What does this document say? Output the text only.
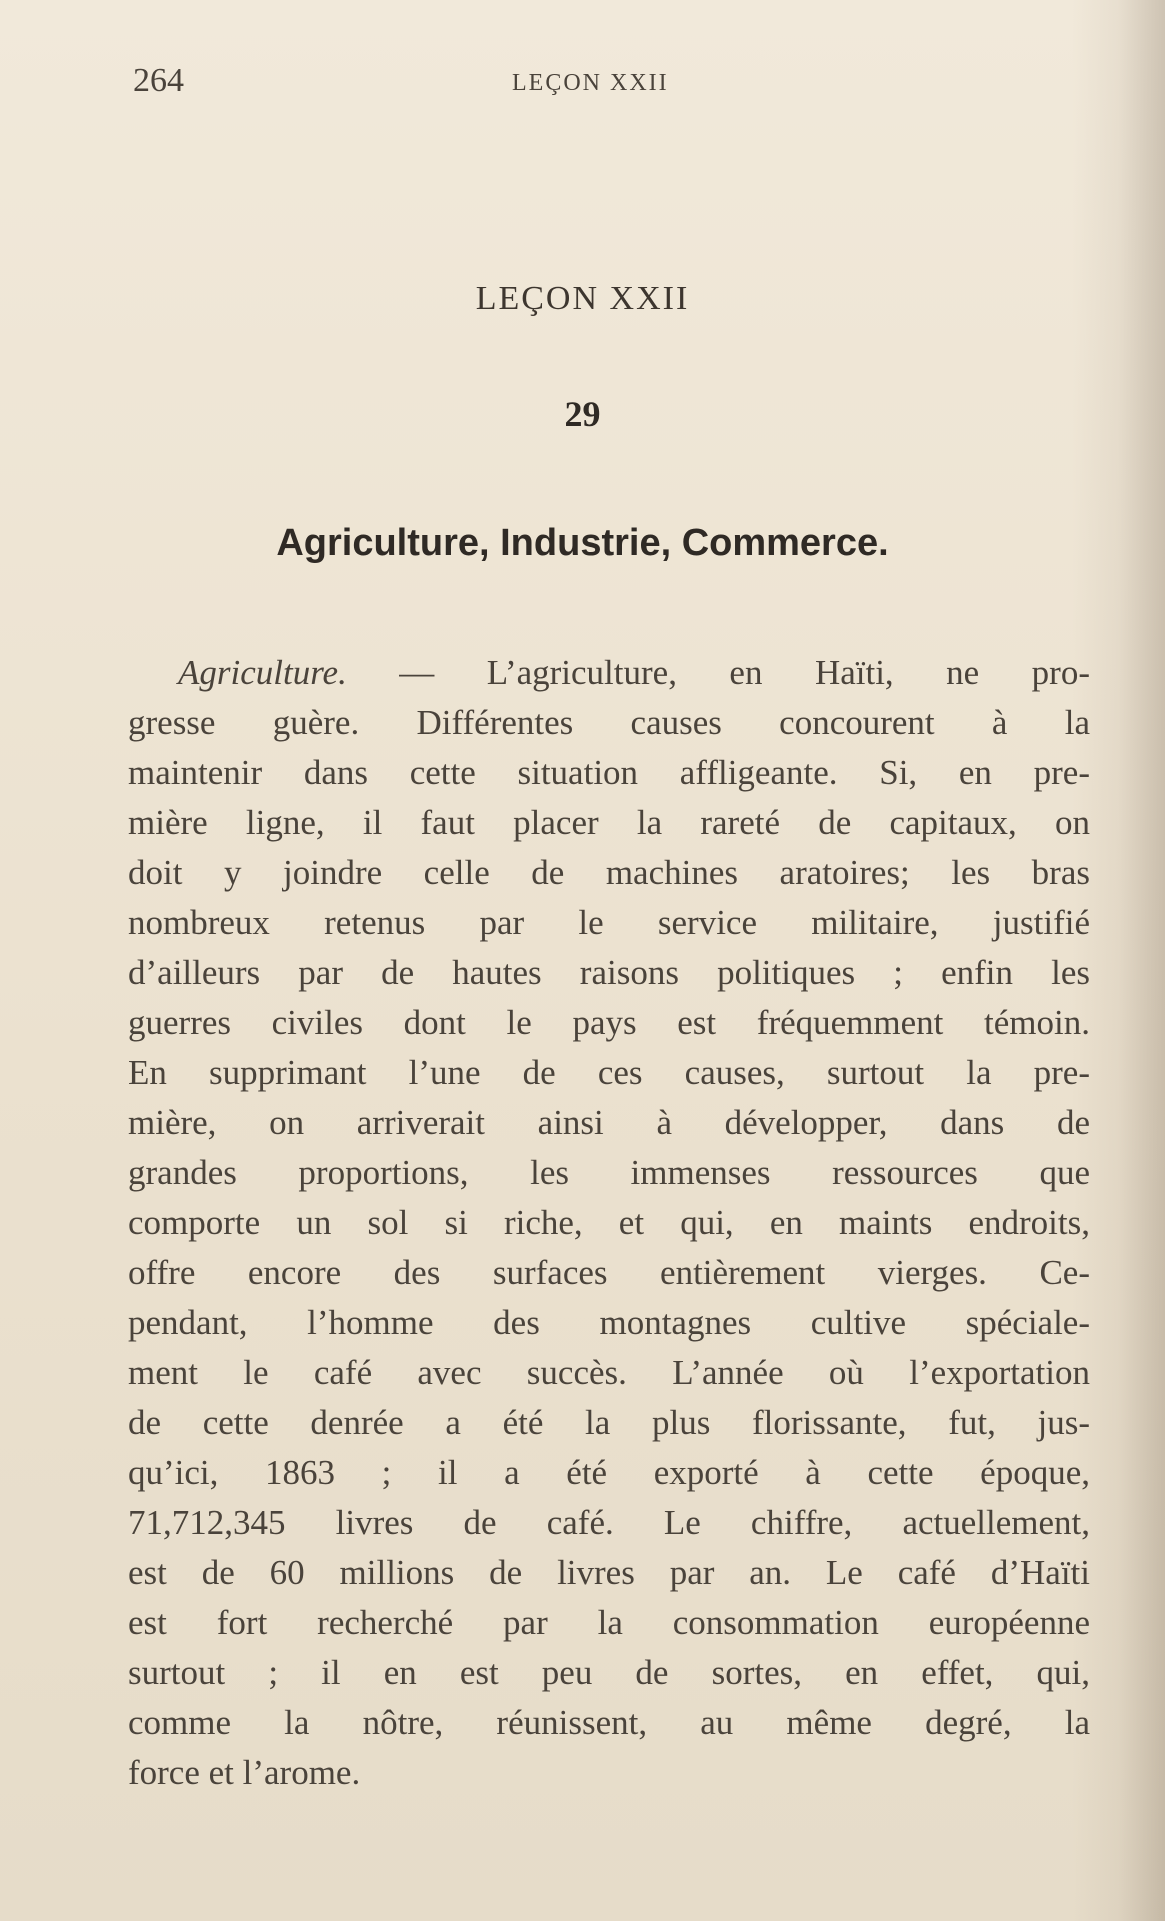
264	LEÇON XXII
LEÇON XXII
29
Agriculture, Industrie, Commerce.
Agriculture. — L’agriculture, en Haïti, ne pro-
gresse guère. Différentes causes concourent à la
maintenir dans cette situation affligeante. Si, en pre-
mière ligne, il faut placer la rareté de capitaux, on
doit y joindre celle de machines aratoires; les bras
nombreux retenus par le service militaire, justifié
d’ailleurs par de hautes raisons politiques ; enfin les
guerres civiles dont le pays est fréquemment témoin.
En supprimant l’une de ces causes, surtout la pre-
mière, on arriverait ainsi à développer, dans de
grandes proportions, les immenses ressources que
comporte un sol si riche, et qui, en maints endroits,
offre encore des surfaces entièrement vierges. Ce-
pendant, l’homme des montagnes cultive spéciale-
ment le café avec succès. L’année où l’exportation
de cette denrée a été la plus florissante, fut, jus-
qu’ici, 1863 ; il a été exporté à cette époque,
71,712,345 livres de café. Le chiffre, actuellement,
est de 60 millions de livres par an. Le café d’Haïti
est fort recherché par la consommation européenne
surtout ; il en est peu de sortes, en effet, qui,
comme la nôtre, réunissent, au même degré, la
force et l’arome.
